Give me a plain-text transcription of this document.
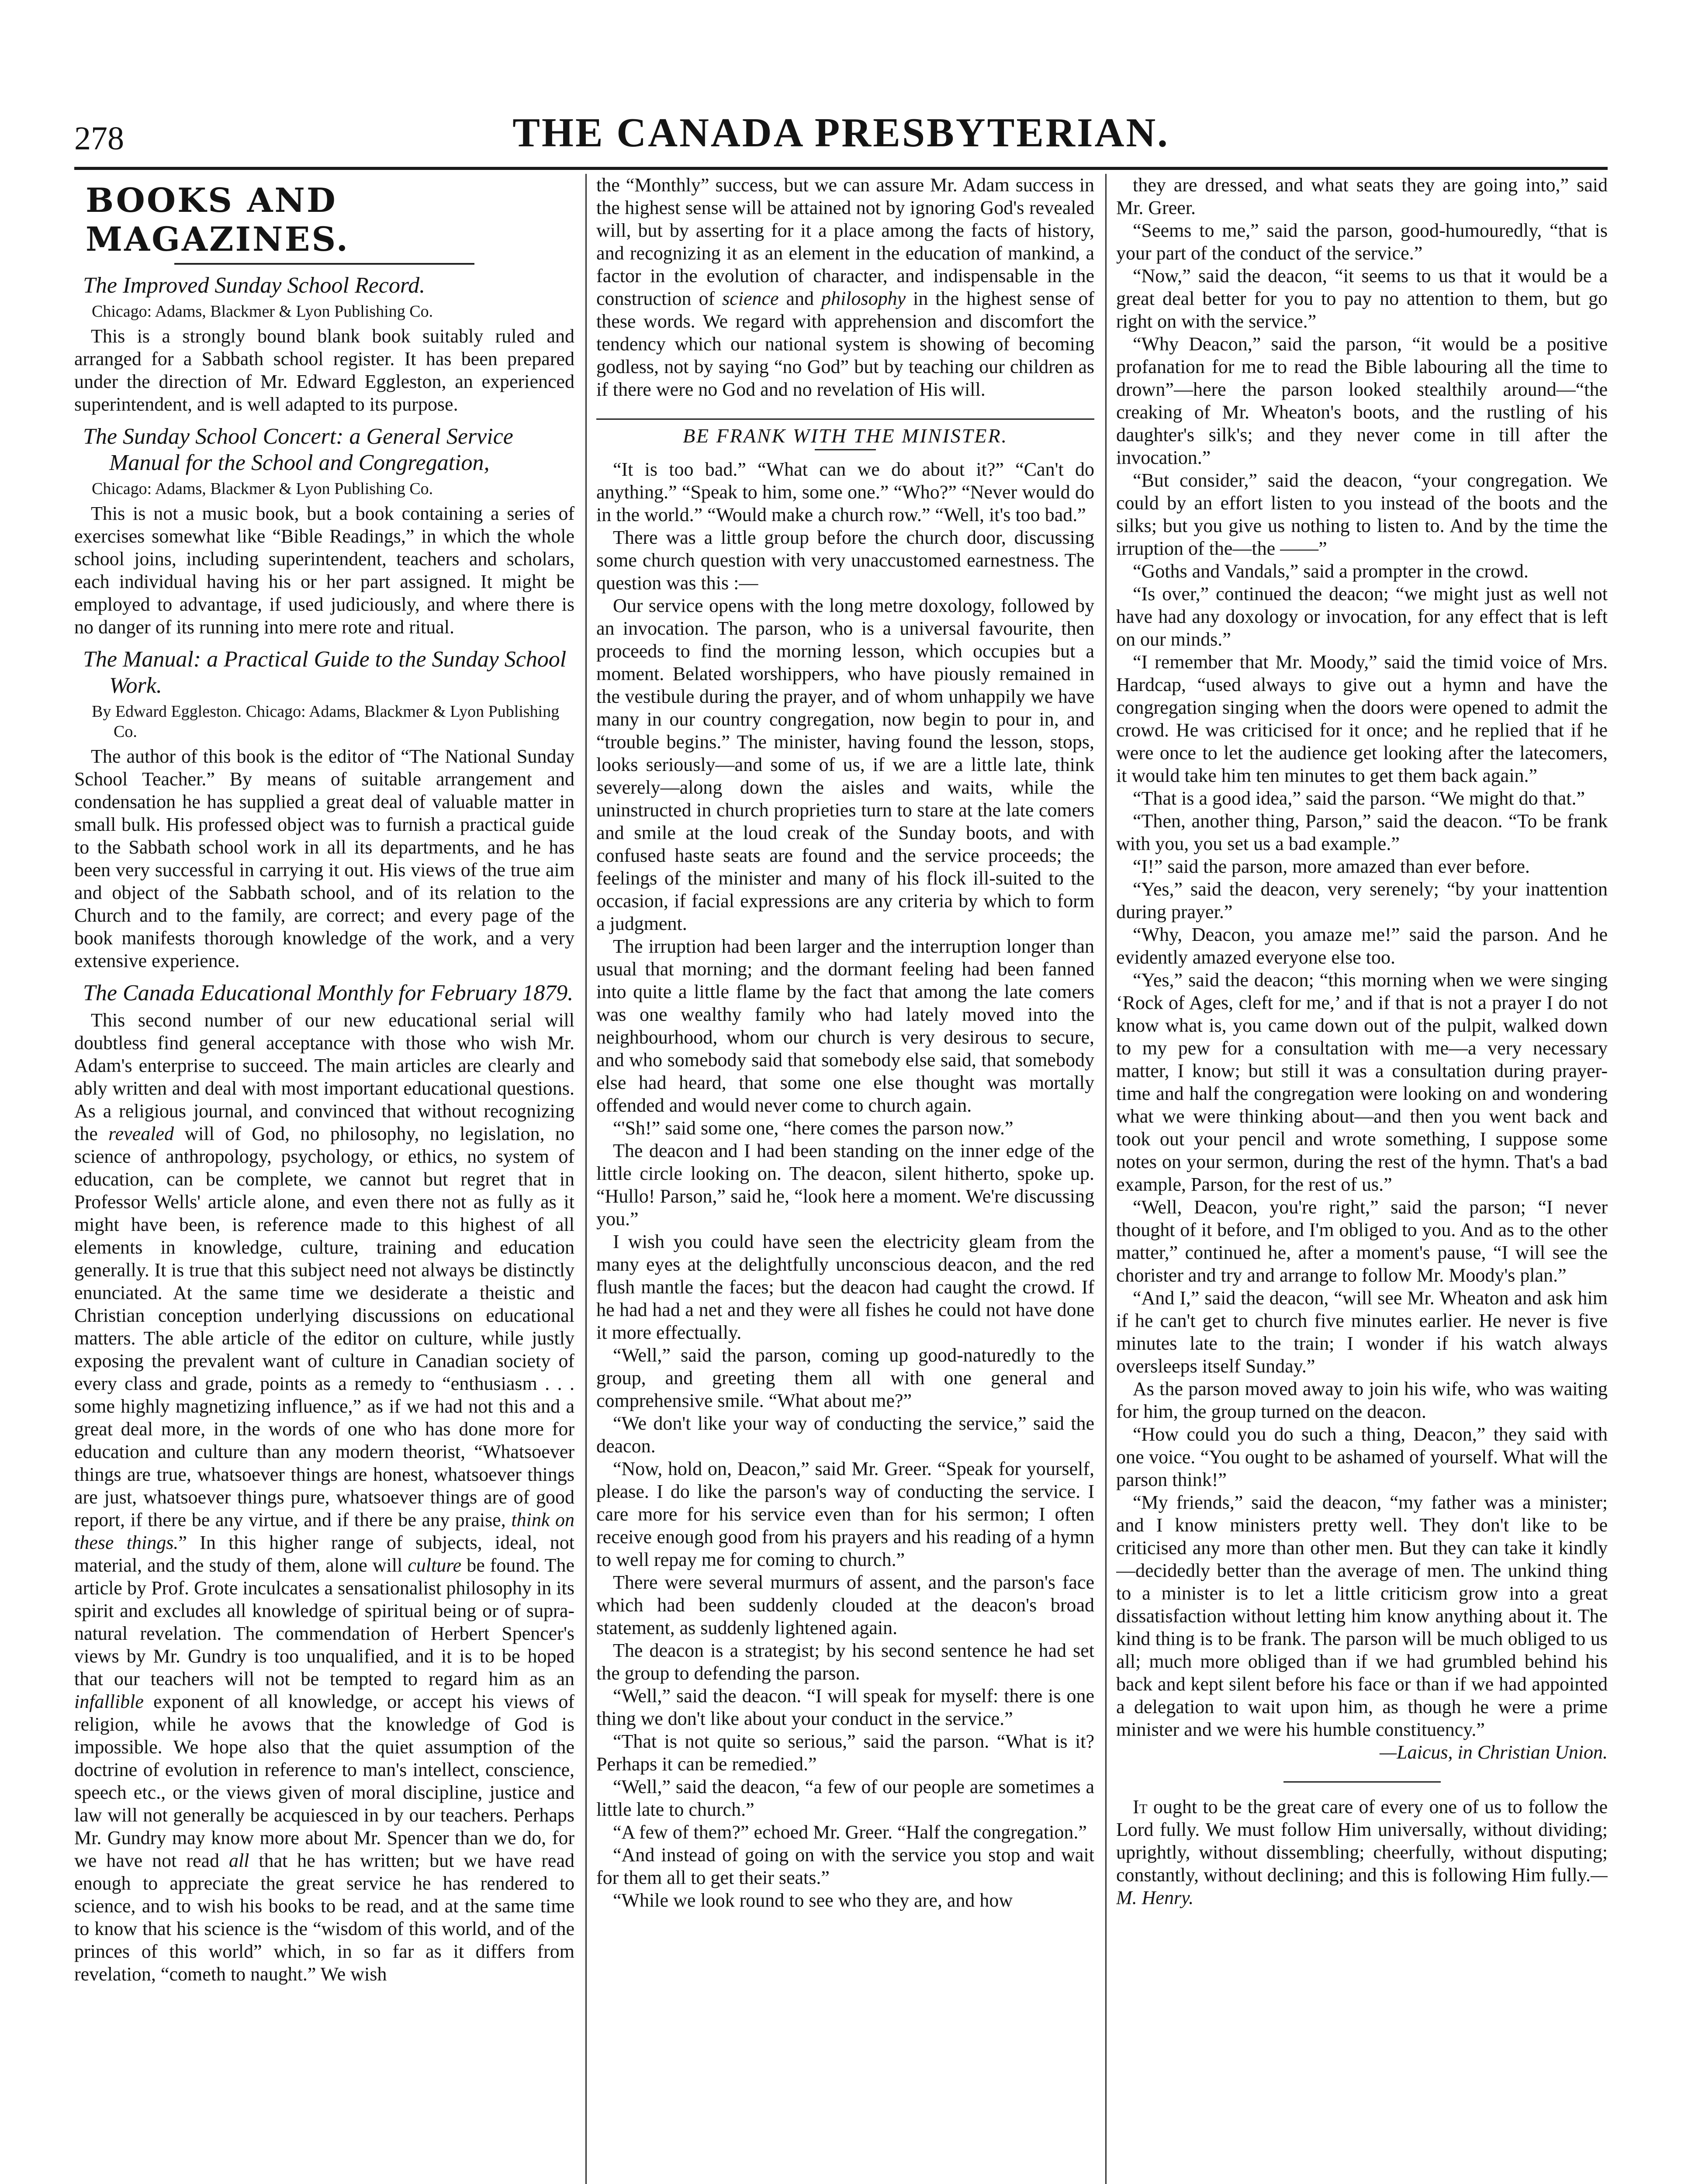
278	THE CANADA PRESBYTERIAN.
BOOKS AND MAGAZINES.
The Improved Sunday School Record.
Chicago: Adams, Blackmer & Lyon Publishing Co.

This is a strongly bound blank book suitably ruled and arranged for a Sabbath school register. It has been prepared under the direction of Mr. Edward Eggleston, an experienced superintendent, and is well adapted to its purpose.

The Sunday School Concert: a General Service Manual for the School and Congregation,
Chicago: Adams, Blackmer & Lyon Publishing Co.

This is not a music book, but a book containing a series of exercises somewhat like “Bible Readings,” in which the whole school joins, including superintendent, teachers and scholars, each individual having his or her part assigned. It might be employed to advantage, if used judiciously, and where there is no danger of its running into mere rote and ritual.

The Manual: a Practical Guide to the Sunday School Work.
By Edward Eggleston. Chicago: Adams, Blackmer & Lyon Publishing Co.

The author of this book is the editor of “The National Sunday School Teacher.” By means of suitable arrangement and condensation he has supplied a great deal of valuable matter in small bulk. His professed object was to furnish a practical guide to the Sabbath school work in all its departments, and he has been very successful in carrying it out. His views of the true aim and object of the Sabbath school, and of its relation to the Church and to the family, are correct; and every page of the book manifests thorough knowledge of the work, and a very extensive experience.

The Canada Educational Monthly for February 1879.

This second number of our new educational serial will doubtless find general acceptance with those who wish Mr. Adam's enterprise to succeed. The main articles are clearly and ably written and deal with most important educational questions. As a religious journal, and convinced that without recognizing the revealed will of God, no philosophy, no legislation, no science of anthropology, psychology, or ethics, no system of education, can be complete, we cannot but regret that in Professor Wells' article alone, and even there not as fully as it might have been, is reference made to this highest of all elements in knowledge, culture, training and education generally. It is true that this subject need not always be distinctly enunciated. At the same time we desiderate a theistic and Christian conception underlying discussions on educational matters. The able article of the editor on culture, while justly exposing the prevalent want of culture in Canadian society of every class and grade, points as a remedy to “enthusiasm . . . some highly magnetizing influence,” as if we had not this and a great deal more, in the words of one who has done more for education and culture than any modern theorist, “Whatsoever things are true, whatsoever things are honest, whatsoever things are just, whatsoever things pure, whatsoever things are of good report, if there be any virtue, and if there be any praise, think on these things.” In this higher range of subjects, ideal, not material, and the study of them, alone will culture be found. The article by Prof. Grote inculcates a sensationalist philosophy in its spirit and excludes all knowledge of spiritual being or of supra-natural revelation. The commendation of Herbert Spencer's views by Mr. Gundry is too unqualified, and it is to be hoped that our teachers will not be tempted to regard him as an infallible exponent of all knowledge, or accept his views of religion, while he avows that the knowledge of God is impossible. We hope also that the quiet assumption of the doctrine of evolution in reference to man's intellect, conscience, speech etc., or the views given of moral discipline, justice and law will not generally be acquiesced in by our teachers. Perhaps Mr. Gundry may know more about Mr. Spencer than we do, for we have not read all that he has written; but we have read enough to appreciate the great service he has rendered to science, and to wish his books to be read, and at the same time to know that his science is the “wisdom of this world, and of the princes of this world” which, in so far as it differs from revelation, “cometh to naught.” We wish

the “Monthly” success, but we can assure Mr. Adam success in the highest sense will be attained not by ignoring God's revealed will, but by asserting for it a place among the facts of history, and recognizing it as an element in the education of mankind, a factor in the evolution of character, and indispensable in the construction of science and philosophy in the highest sense of these words. We regard with apprehension and discomfort the tendency which our national system is showing of becoming godless, not by saying “no God” but by teaching our children as if there were no God and no revelation of His will.

BE FRANK WITH THE MINISTER.

“It is too bad.” “What can we do about it?” “Can't do anything.” “Speak to him, some one.” “Who?” “Never would do in the world.” “Would make a church row.” “Well, it's too bad.”

There was a little group before the church door, discussing some church question with very unaccustomed earnestness. The question was this :—

Our service opens with the long metre doxology, followed by an invocation. The parson, who is a universal favourite, then proceeds to find the morning lesson, which occupies but a moment. Belated worshippers, who have piously remained in the vestibule during the prayer, and of whom unhappily we have many in our country congregation, now begin to pour in, and “trouble begins.” The minister, having found the lesson, stops, looks seriously—and some of us, if we are a little late, think severely—along down the aisles and waits, while the uninstructed in church proprieties turn to stare at the late comers and smile at the loud creak of the Sunday boots, and with confused haste seats are found and the service proceeds; the feelings of the minister and many of his flock ill-suited to the occasion, if facial expressions are any criteria by which to form a judgment.

The irruption had been larger and the interruption longer than usual that morning; and the dormant feeling had been fanned into quite a little flame by the fact that among the late comers was one wealthy family who had lately moved into the neighbourhood, whom our church is very desirous to secure, and who somebody said that somebody else said, that somebody else had heard, that some one else thought was mortally offended and would never come to church again.

“'Sh!” said some one, “here comes the parson now.”

The deacon and I had been standing on the inner edge of the little circle looking on. The deacon, silent hitherto, spoke up. “Hullo! Parson,” said he, “look here a moment. We're discussing you.”

I wish you could have seen the electricity gleam from the many eyes at the delightfully unconscious deacon, and the red flush mantle the faces; but the deacon had caught the crowd. If he had had a net and they were all fishes he could not have done it more effectually.

“Well,” said the parson, coming up good-naturedly to the group, and greeting them all with one general and comprehensive smile. “What about me?”

“We don't like your way of conducting the service,” said the deacon.

“Now, hold on, Deacon,” said Mr. Greer. “Speak for yourself, please. I do like the parson's way of conducting the service. I care more for his service even than for his sermon; I often receive enough good from his prayers and his reading of a hymn to well repay me for coming to church.”

There were several murmurs of assent, and the parson's face which had been suddenly clouded at the deacon's broad statement, as suddenly lightened again.

The deacon is a strategist; by his second sentence he had set the group to defending the parson.

“Well,” said the deacon. “I will speak for myself: there is one thing we don't like about your conduct in the service.”

“That is not quite so serious,” said the parson. “What is it? Perhaps it can be remedied.”

“Well,” said the deacon, “a few of our people are sometimes a little late to church.”

“A few of them?” echoed Mr. Greer. “Half the congregation.”

“And instead of going on with the service you stop and wait for them all to get their seats.”

“While we look round to see who they are, and how

they are dressed, and what seats they are going into,” said Mr. Greer.

“Seems to me,” said the parson, good-humouredly, “that is your part of the conduct of the service.”

“Now,” said the deacon, “it seems to us that it would be a great deal better for you to pay no attention to them, but go right on with the service.”

“Why Deacon,” said the parson, “it would be a positive profanation for me to read the Bible labouring all the time to drown”—here the parson looked stealthily around—“the creaking of Mr. Wheaton's boots, and the rustling of his daughter's silk's; and they never come in till after the invocation.”

“But consider,” said the deacon, “your congregation. We could by an effort listen to you instead of the boots and the silks; but you give us nothing to listen to. And by the time the irruption of the—the ——”

“Goths and Vandals,” said a prompter in the crowd.

“Is over,” continued the deacon; “we might just as well not have had any doxology or invocation, for any effect that is left on our minds.”

“I remember that Mr. Moody,” said the timid voice of Mrs. Hardcap, “used always to give out a hymn and have the congregation singing when the doors were opened to admit the crowd. He was criticised for it once; and he replied that if he were once to let the audience get looking after the latecomers, it would take him ten minutes to get them back again.”

“That is a good idea,” said the parson. “We might do that.”

“Then, another thing, Parson,” said the deacon. “To be frank with you, you set us a bad example.”

“I!” said the parson, more amazed than ever before.

“Yes,” said the deacon, very serenely; “by your inattention during prayer.”

“Why, Deacon, you amaze me!” said the parson. And he evidently amazed everyone else too.

“Yes,” said the deacon; “this morning when we were singing ‘Rock of Ages, cleft for me,’ and if that is not a prayer I do not know what is, you came down out of the pulpit, walked down to my pew for a consultation with me—a very necessary matter, I know; but still it was a consultation during prayer-time and half the congregation were looking on and wondering what we were thinking about—and then you went back and took out your pencil and wrote something, I suppose some notes on your sermon, during the rest of the hymn. That's a bad example, Parson, for the rest of us.”

“Well, Deacon, you're right,” said the parson; “I never thought of it before, and I'm obliged to you. And as to the other matter,” continued he, after a moment's pause, “I will see the chorister and try and arrange to follow Mr. Moody's plan.”

“And I,” said the deacon, “will see Mr. Wheaton and ask him if he can't get to church five minutes earlier. He never is five minutes late to the train; I wonder if his watch always oversleeps itself Sunday.”

As the parson moved away to join his wife, who was waiting for him, the group turned on the deacon.

“How could you do such a thing, Deacon,” they said with one voice. “You ought to be ashamed of yourself. What will the parson think!”

“My friends,” said the deacon, “my father was a minister; and I know ministers pretty well. They don't like to be criticised any more than other men. But they can take it kindly—decidedly better than the average of men. The unkind thing to a minister is to let a little criticism grow into a great dissatisfaction without letting him know anything about it. The kind thing is to be frank. The parson will be much obliged to us all; much more obliged than if we had grumbled behind his back and kept silent before his face or than if we had appointed a delegation to wait upon him, as though he were a prime minister and we were his humble constituency.”

—Laicus, in Christian Union.

It ought to be the great care of every one of us to follow the Lord fully. We must follow Him universally, without dividing; uprightly, without dissembling; cheerfully, without disputing; constantly, without declining; and this is following Him fully.—M. Henry.
